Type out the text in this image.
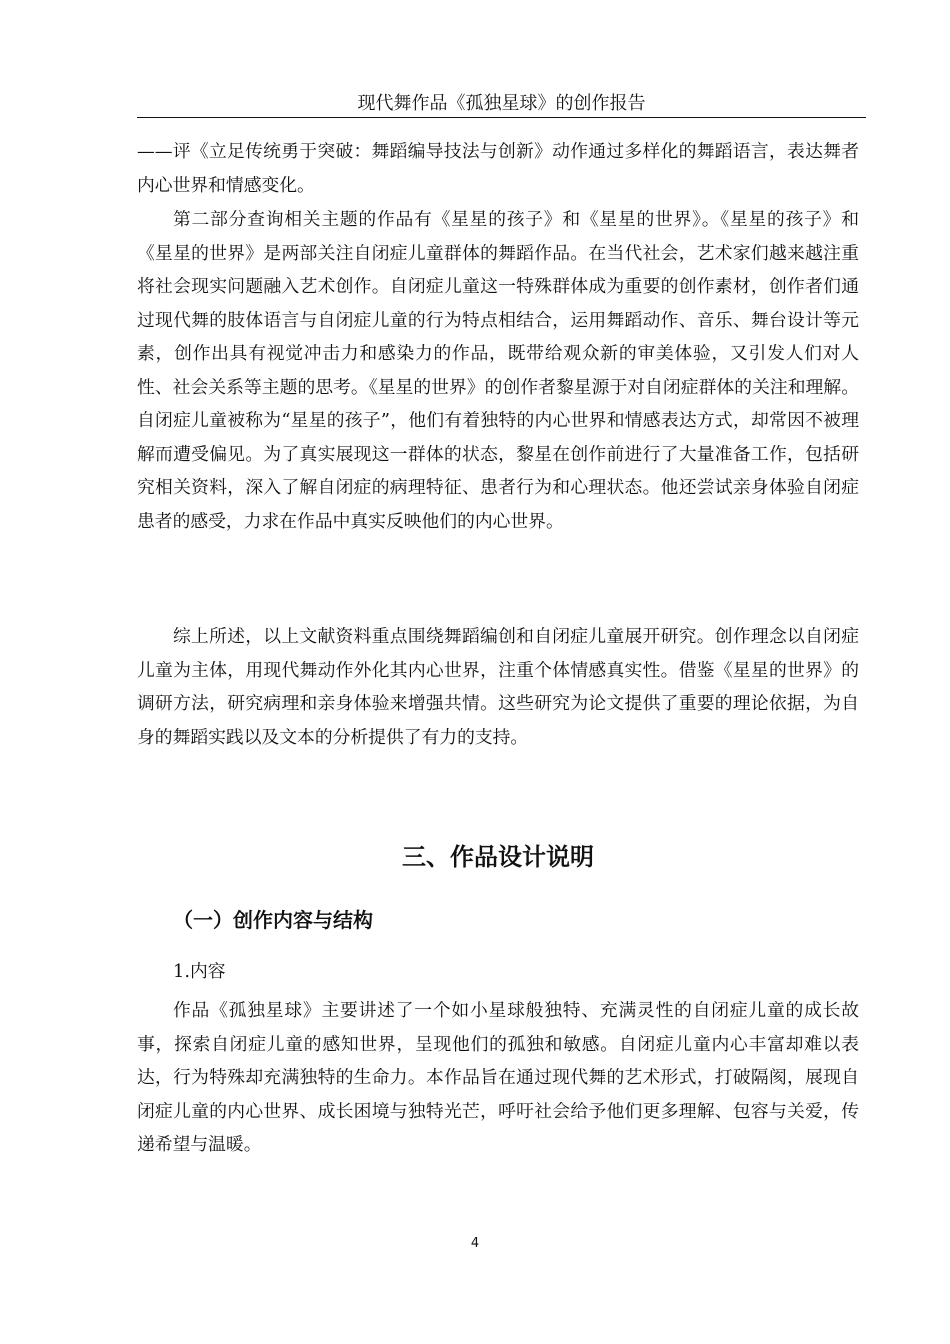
现代舞作品《孤独星球》的创作报告

——评《立足传统勇于突破：舞蹈编导技法与创新》动作通过多样化的舞蹈语言，表达舞者内心世界和情感变化。

第二部分查询相关主题的作品有《星星的孩子》和《星星的世界》。《星星的孩子》和《星星的世界》是两部关注自闭症儿童群体的舞蹈作品。在当代社会，艺术家们越来越注重将社会现实问题融入艺术创作。自闭症儿童这一特殊群体成为重要的创作素材，创作者们通过现代舞的肢体语言与自闭症儿童的行为特点相结合，运用舞蹈动作、音乐、舞台设计等元素，创作出具有视觉冲击力和感染力的作品，既带给观众新的审美体验，又引发人们对人性、社会关系等主题的思考。《星星的世界》的创作者黎星源于对自闭症群体的关注和理解。自闭症儿童被称为“星星的孩子”，他们有着独特的内心世界和情感表达方式，却常因不被理解而遭受偏见。为了真实展现这一群体的状态，黎星在创作前进行了大量准备工作，包括研究相关资料，深入了解自闭症的病理特征、患者行为和心理状态。他还尝试亲身体验自闭症患者的感受，力求在作品中真实反映他们的内心世界。

综上所述，以上文献资料重点围绕舞蹈编创和自闭症儿童展开研究。创作理念以自闭症儿童为主体，用现代舞动作外化其内心世界，注重个体情感真实性。借鉴《星星的世界》的调研方法，研究病理和亲身体验来增强共情。这些研究为论文提供了重要的理论依据，为自身的舞蹈实践以及文本的分析提供了有力的支持。

三、作品设计说明
（一）创作内容与结构
1.内容

作品《孤独星球》主要讲述了一个如小星球般独特、充满灵性的自闭症儿童的成长故事，探索自闭症儿童的感知世界，呈现他们的孤独和敏感。自闭症儿童内心丰富却难以表达，行为特殊却充满独特的生命力。本作品旨在通过现代舞的艺术形式，打破隔阂，展现自闭症儿童的内心世界、成长困境与独特光芒，呼吁社会给予他们更多理解、包容与关爱，传递希望与温暖。

4
